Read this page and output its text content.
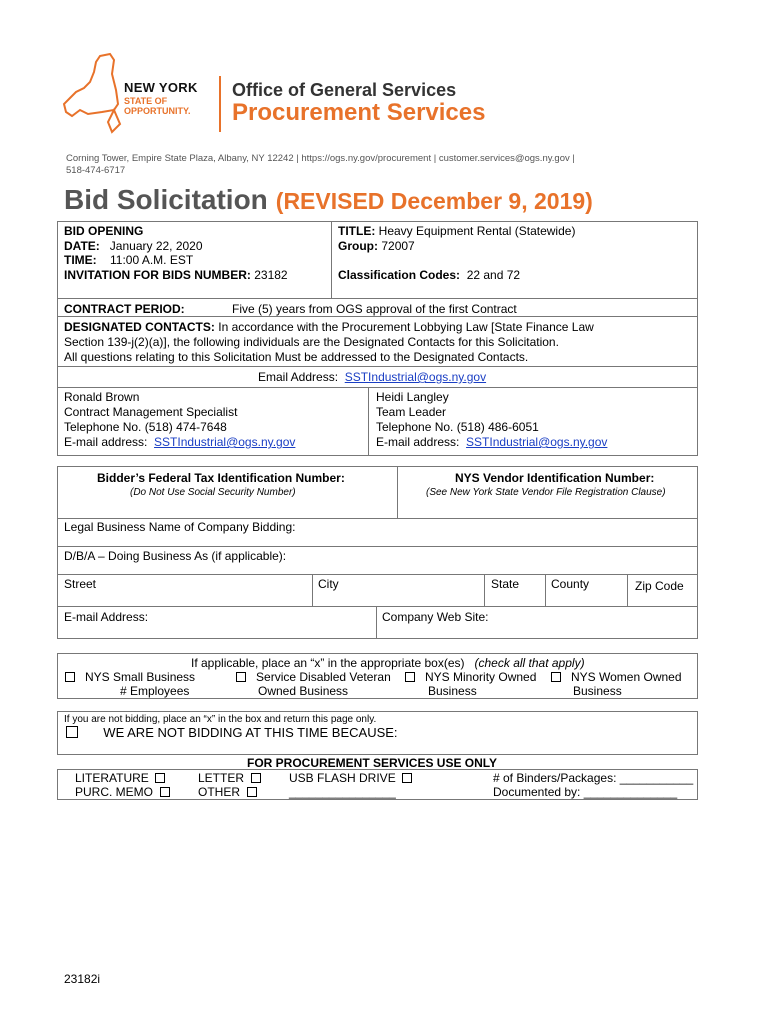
NEW YORK
STATE OF
OPPORTUNITY.
Office of General Services
Procurement Services
Corning Tower, Empire State Plaza, Albany, NY 12242 | https://ogs.ny.gov/procurement | customer.services@ogs.ny.gov |
518-474-6717
Bid Solicitation (REVISED December 9, 2019)
BID OPENING
DATE: January 22, 2020
TIME: 11:00 A.M. EST
INVITATION FOR BIDS NUMBER: 23182
TITLE: Heavy Equipment Rental (Statewide)
Group: 72007
Classification Codes: 22 and 72
CONTRACT PERIOD:	Five (5) years from OGS approval of the first Contract
DESIGNATED CONTACTS: In accordance with the Procurement Lobbying Law [State Finance Law
Section 139-j(2)(a)], the following individuals are the Designated Contacts for this Solicitation.
All questions relating to this Solicitation Must be addressed to the Designated Contacts.
Email Address: SSTIndustrial@ogs.ny.gov
Ronald Brown
Contract Management Specialist
Telephone No. (518) 474-7648
E-mail address: SSTIndustrial@ogs.ny.gov
Heidi Langley
Team Leader
Telephone No. (518) 486-6051
E-mail address: SSTIndustrial@ogs.ny.gov
Bidder’s Federal Tax Identification Number:
(Do Not Use Social Security Number)
NYS Vendor Identification Number:
(See New York State Vendor File Registration Clause)
Legal Business Name of Company Bidding:
D/B/A – Doing Business As (if applicable):
Street	City	State	County	Zip Code
E-mail Address:	Company Web Site:
If applicable, place an “x” in the appropriate box(es) (check all that apply)
NYS Small Business
# Employees
Service Disabled Veteran
Owned Business
NYS Minority Owned
Business
NYS Women Owned
Business
If you are not bidding, place an “x” in the box and return this page only.
WE ARE NOT BIDDING AT THIS TIME BECAUSE:
FOR PROCUREMENT SERVICES USE ONLY
LITERATURE
PURC. MEMO
LETTER
OTHER
USB FLASH DRIVE
________________
# of Binders/Packages: ___________
Documented by: ______________
23182i
